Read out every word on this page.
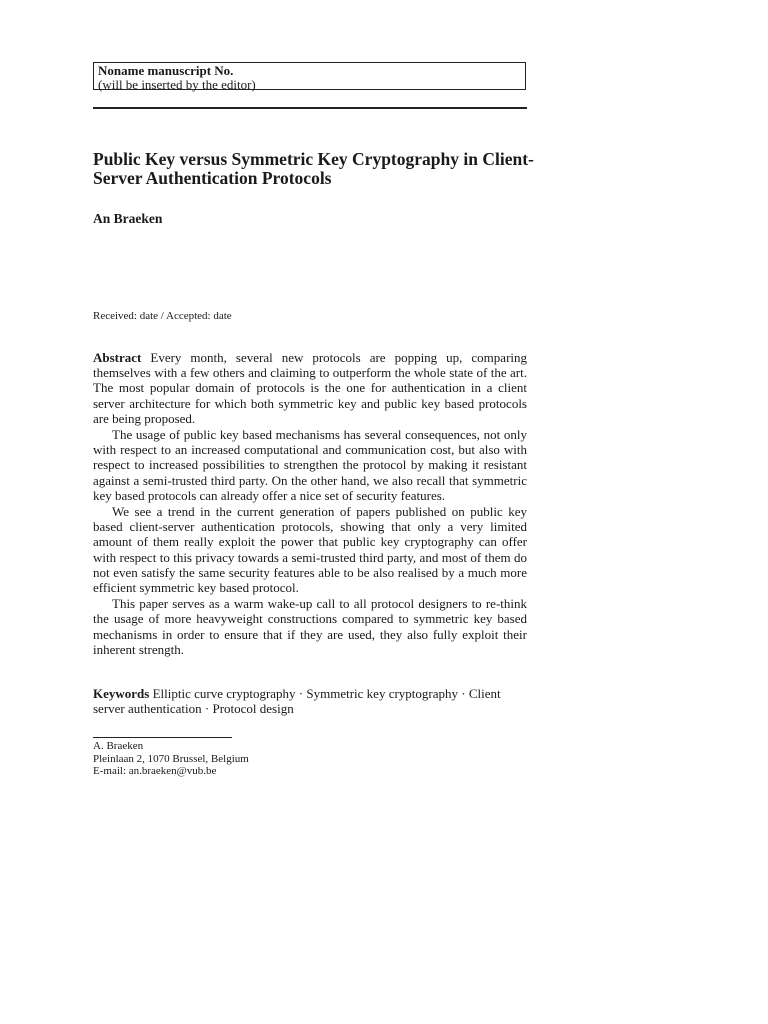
Noname manuscript No.
(will be inserted by the editor)
Public Key versus Symmetric Key Cryptography in Client-Server Authentication Protocols
An Braeken
Received: date / Accepted: date

Abstract Every month, several new protocols are popping up, comparing themselves with a few others and claiming to outperform the whole state of the art. The most popular domain of protocols is the one for authentication in a client server architecture for which both symmetric key and public key based protocols are being proposed.

The usage of public key based mechanisms has several consequences, not only with respect to an increased computational and communication cost, but also with respect to increased possibilities to strengthen the protocol by making it resistant against a semi-trusted third party. On the other hand, we also recall that symmetric key based protocols can already offer a nice set of security features.

We see a trend in the current generation of papers published on public key based client-server authentication protocols, showing that only a very limited amount of them really exploit the power that public key cryptography can offer with respect to this privacy towards a semi-trusted third party, and most of them do not even satisfy the same security features able to be also realised by a much more efficient symmetric key based protocol.

This paper serves as a warm wake-up call to all protocol designers to re-think the usage of more heavyweight constructions compared to symmetric key based mechanisms in order to ensure that if they are used, they also fully exploit their inherent strength.

Keywords Elliptic curve cryptography · Symmetric key cryptography · Client server authentication · Protocol design
A. Braeken
Pleinlaan 2, 1070 Brussel, Belgium
E-mail: an.braeken@vub.be
